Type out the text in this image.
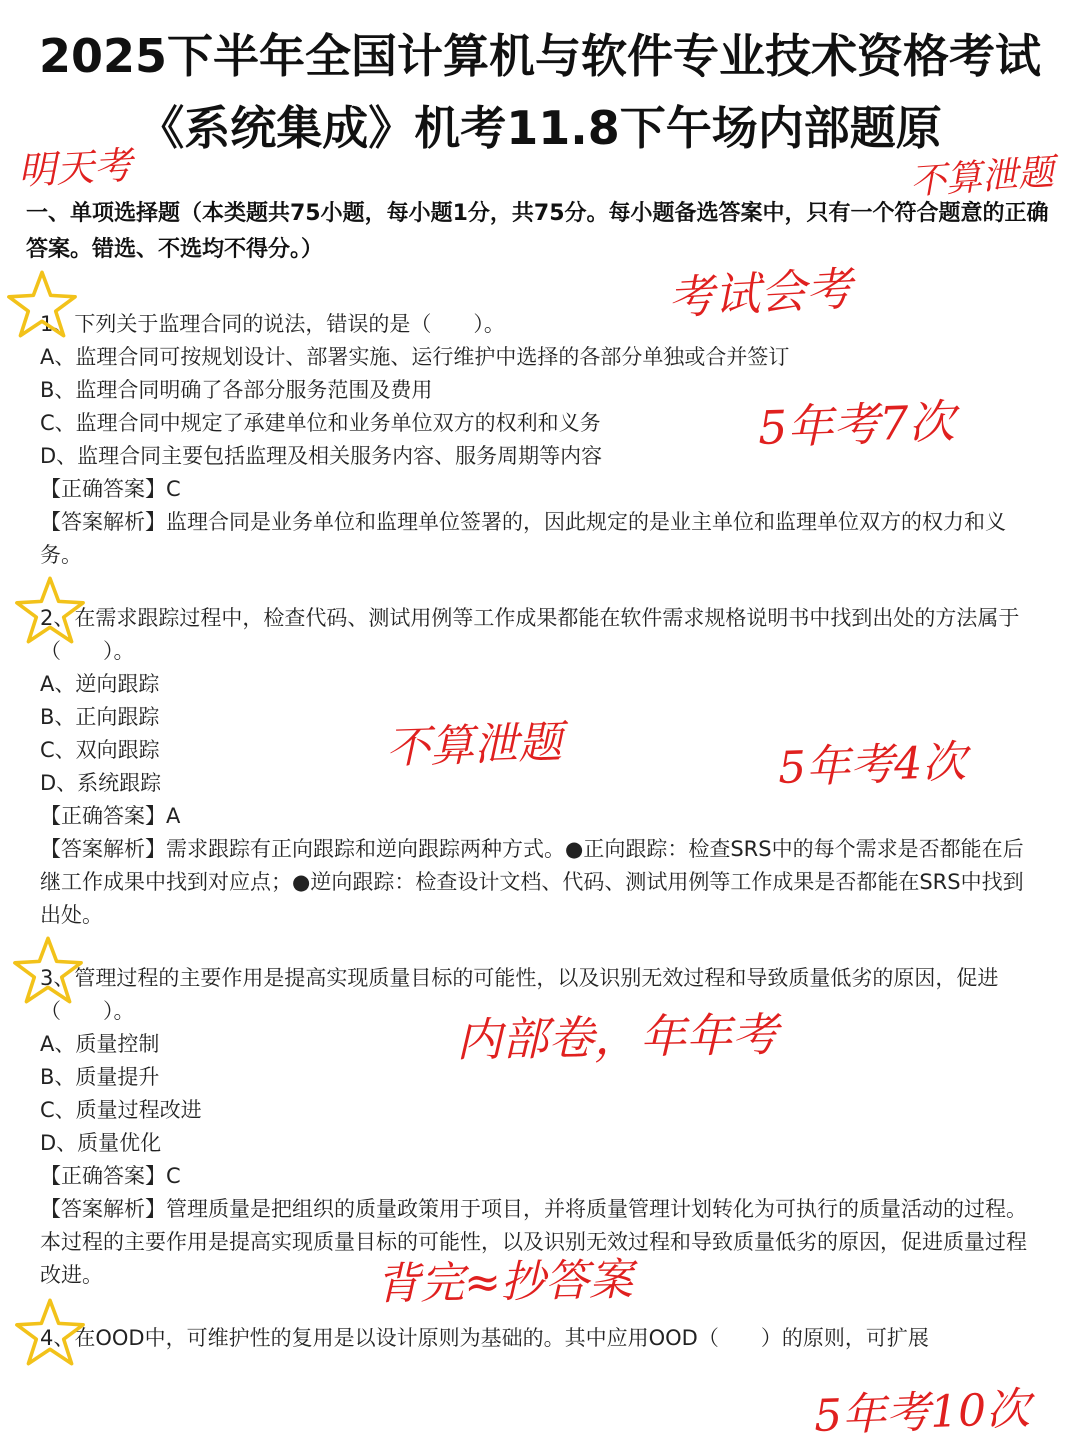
2025下半年全国计算机与软件专业技术资格考试
《系统集成》机考11.8下午场内部题原
一、单项选择题（本类题共75小题，每小题1分，共75分。每小题备选答案中，只有一个符合题意的正确答案。错选、不选均不得分。）

1、下列关于监理合同的说法，错误的是（　　）。

A、监理合同可按规划设计、部署实施、运行维护中选择的各部分单独或合并签订

B、监理合同明确了各部分服务范围及费用

C、监理合同中规定了承建单位和业务单位双方的权利和义务

D、监理合同主要包括监理及相关服务内容、服务周期等内容

【正确答案】C

【答案解析】监理合同是业务单位和监理单位签署的，因此规定的是业主单位和监理单位双方的权力和义务。

2、在需求跟踪过程中，检查代码、测试用例等工作成果都能在软件需求规格说明书中找到出处的方法属于（　　）。

A、逆向跟踪

B、正向跟踪

C、双向跟踪

D、系统跟踪

【正确答案】A

【答案解析】需求跟踪有正向跟踪和逆向跟踪两种方式。●正向跟踪：检查SRS中的每个需求是否都能在后继工作成果中找到对应点；●逆向跟踪：检查设计文档、代码、测试用例等工作成果是否都能在SRS中找到出处。

3、管理过程的主要作用是提高实现质量目标的可能性，以及识别无效过程和导致质量低劣的原因，促进（　　）。

A、质量控制

B、质量提升

C、质量过程改进

D、质量优化

【正确答案】C

【答案解析】管理质量是把组织的质量政策用于项目，并将质量管理计划转化为可执行的质量活动的过程。本过程的主要作用是提高实现质量目标的可能性，以及识别无效过程和导致质量低劣的原因，促进质量过程改进。

4、在OOD中，可维护性的复用是以设计原则为基础的。其中应用OOD（　　）的原则，可扩展

明天考	不算泄题
考试会考
5年考7次
不算泄题	5年考4次
内部卷，年年考
背完≈抄答案
5年考10次
